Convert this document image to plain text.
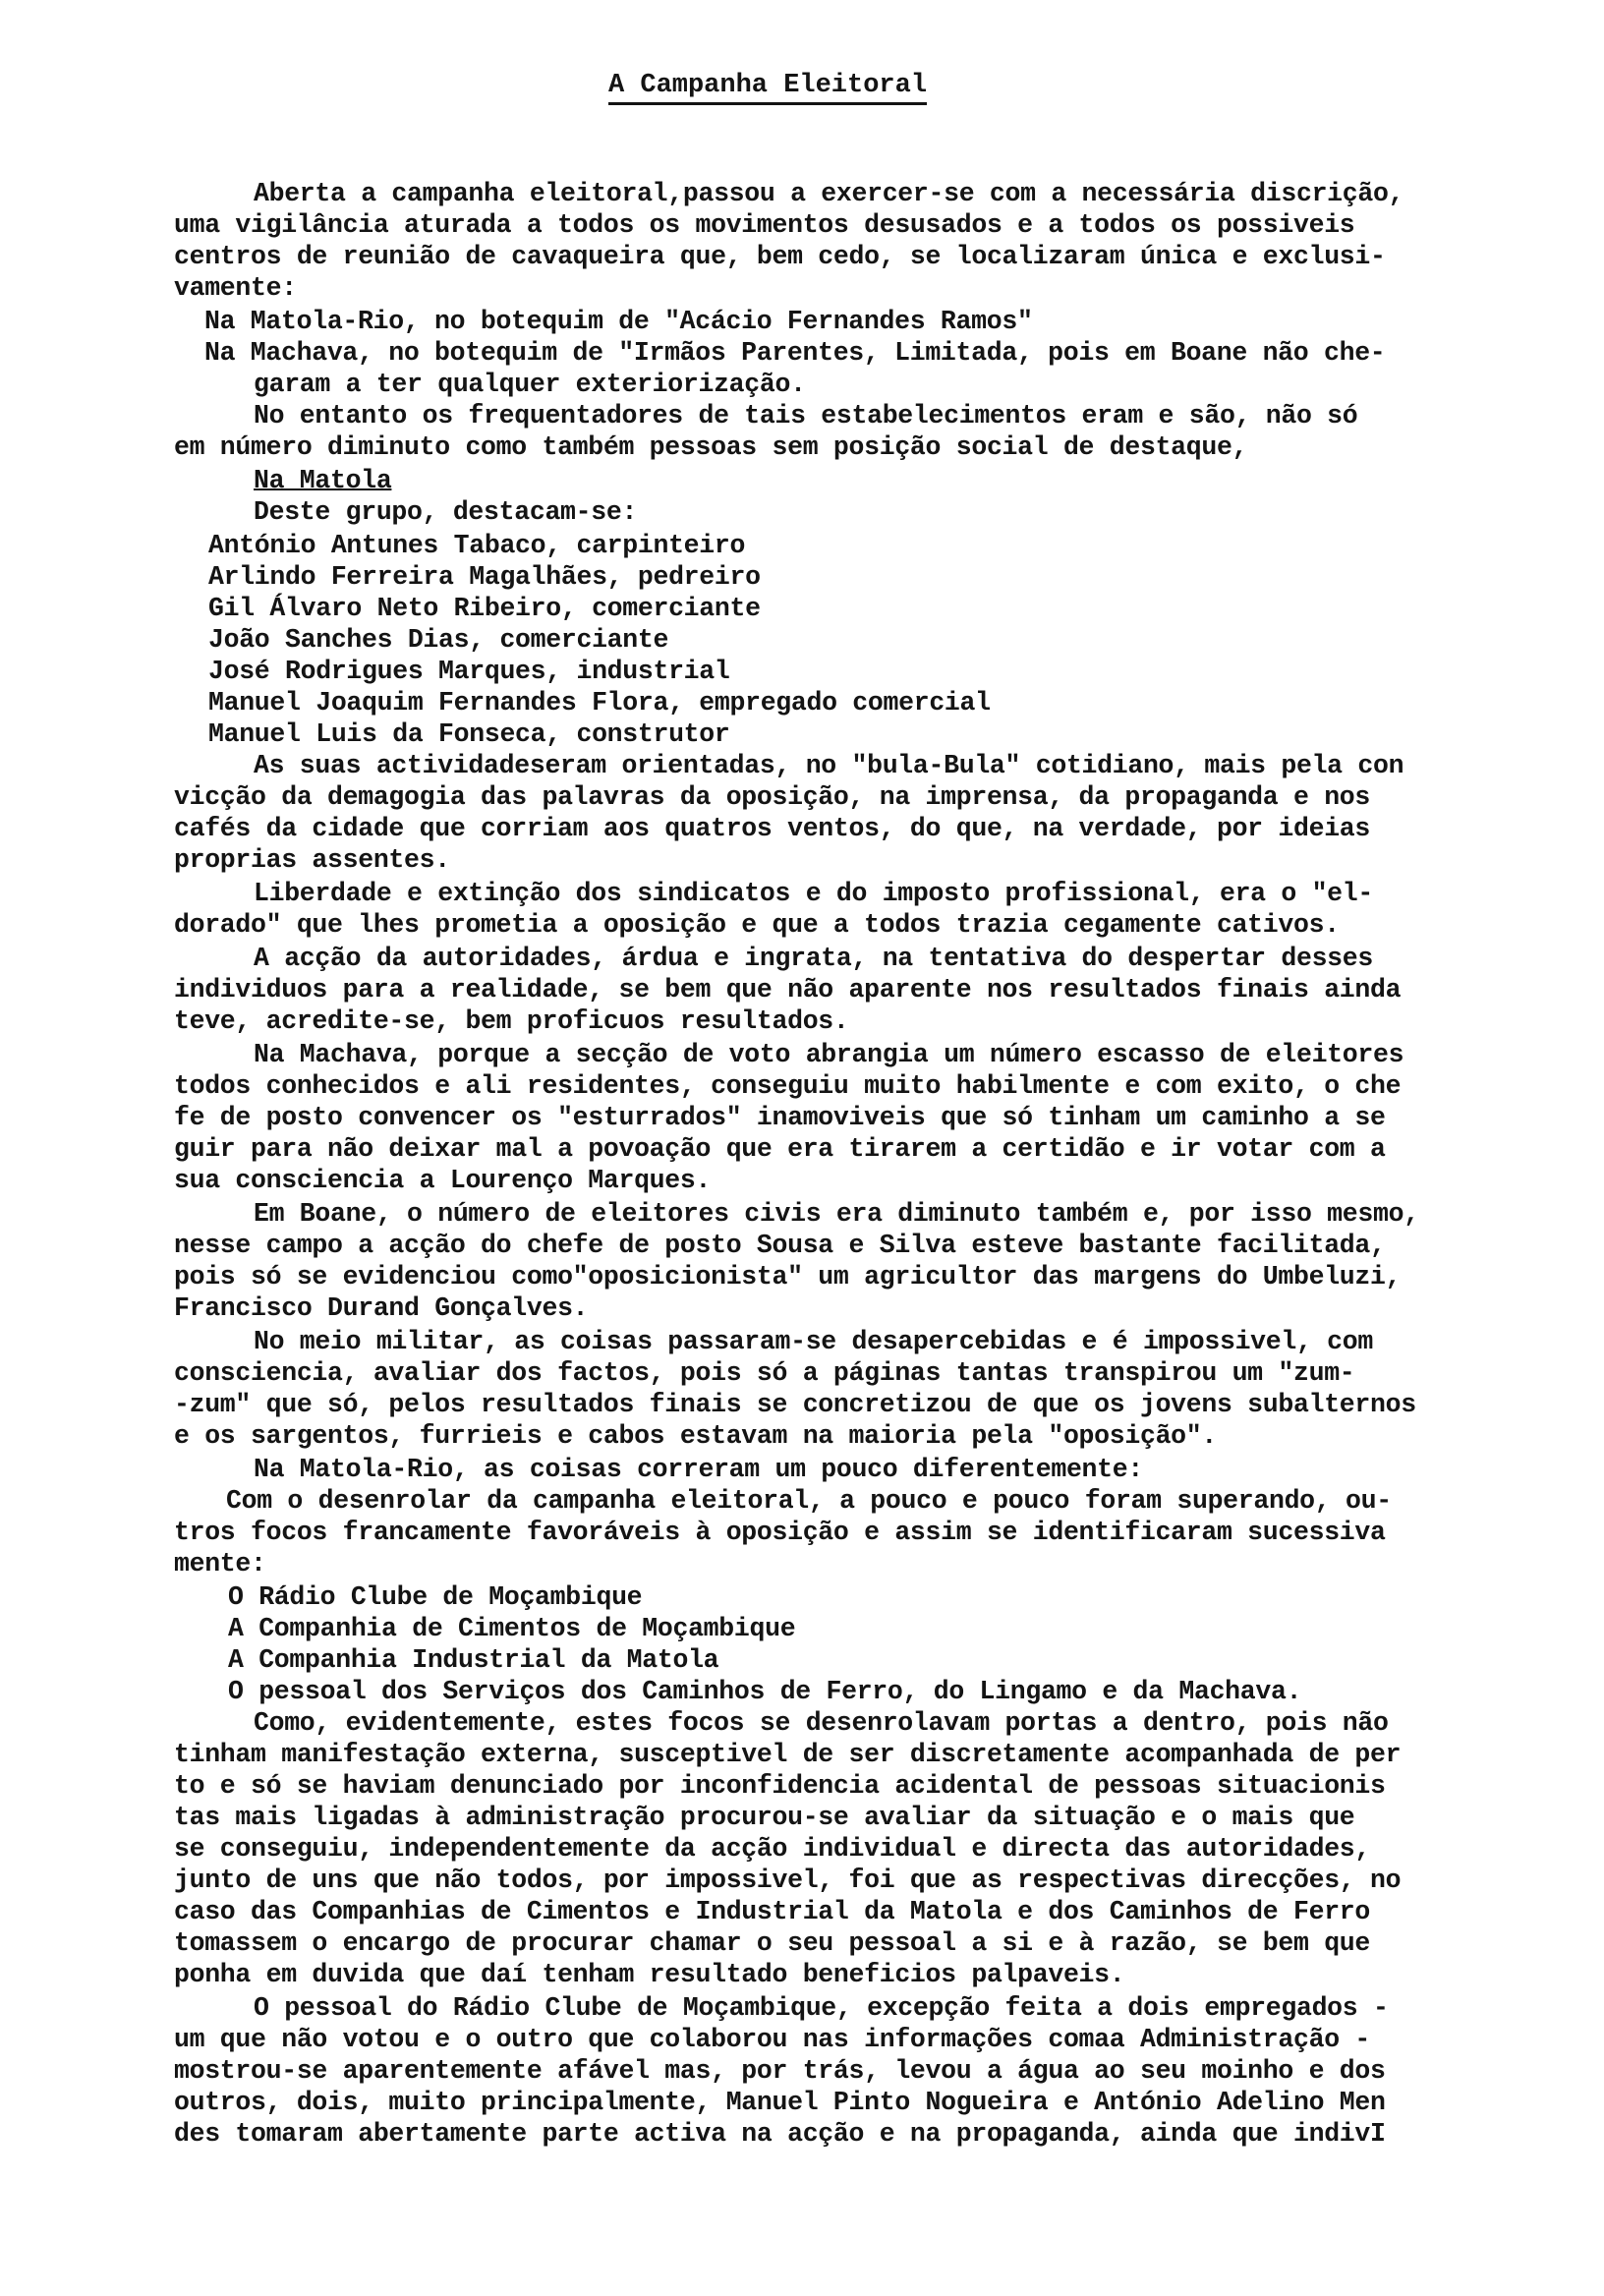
A Campanha Eleitoral
Aberta a campanha eleitoral,passou a exercer-se com a necessária discrição,
uma vigilância aturada a todos os movimentos desusados e a todos os possiveis
centros de reunião de cavaqueira que, bem cedo, se localizaram única e exclusi-
vamente:
Na Matola-Rio, no botequim de "Acácio Fernandes Ramos"
Na Machava, no botequim de "Irmãos Parentes, Limitada, pois em Boane não che-
garam a ter qualquer exteriorização.
No entanto os frequentadores de tais estabelecimentos eram e são, não só
em número diminuto como também pessoas sem posição social de destaque,
Na Matola
Deste grupo, destacam-se:
António Antunes Tabaco, carpinteiro
Arlindo Ferreira Magalhães, pedreiro
Gil Álvaro Neto Ribeiro, comerciante
João Sanches Dias, comerciante
José Rodrigues Marques, industrial
Manuel Joaquim Fernandes Flora, empregado comercial
Manuel Luis da Fonseca, construtor
As suas actividadeseram orientadas, no "bula-Bula" cotidiano, mais pela con
vicção da demagogia das palavras da oposição, na imprensa, da propaganda e nos
cafés da cidade que corriam aos quatros ventos, do que, na verdade, por ideias
proprias assentes.
Liberdade e extinção dos sindicatos e do imposto profissional, era o "el-
dorado" que lhes prometia a oposição e que a todos trazia cegamente cativos.
A acção da autoridades, árdua e ingrata, na tentativa do despertar desses
individuos para a realidade, se bem que não aparente nos resultados finais ainda
teve, acredite-se, bem proficuos resultados.
Na Machava, porque a secção de voto abrangia um número escasso de eleitores
todos conhecidos e ali residentes, conseguiu muito habilmente e com exito, o che
fe de posto convencer os "esturrados" inamoviveis que só tinham um caminho a se
guir para não deixar mal a povoação que era tirarem a certidão e ir votar com a
sua consciencia a Lourenço Marques.
Em Boane, o número de eleitores civis era diminuto também e, por isso mesmo,
nesse campo a acção do chefe de posto Sousa e Silva esteve bastante facilitada,
pois só se evidenciou como"oposicionista" um agricultor das margens do Umbeluzi,
Francisco Durand Gonçalves.
No meio militar, as coisas passaram-se desapercebidas e é impossivel, com
consciencia, avaliar dos factos, pois só a páginas tantas transpirou um "zum-
-zum" que só, pelos resultados finais se concretizou de que os jovens subalternos
e os sargentos, furrieis e cabos estavam na maioria pela "oposição".
Na Matola-Rio, as coisas correram um pouco diferentemente:
Com o desenrolar da campanha eleitoral, a pouco e pouco foram superando, ou-
tros focos francamente favoráveis à oposição e assim se identificaram sucessiva
mente:
O Rádio Clube de Moçambique
A Companhia de Cimentos de Moçambique
A Companhia Industrial da Matola
O pessoal dos Serviços dos Caminhos de Ferro, do Lingamo e da Machava.
Como, evidentemente, estes focos se desenrolavam portas a dentro, pois não
tinham manifestação externa, susceptivel de ser discretamente acompanhada de per
to e só se haviam denunciado por inconfidencia acidental de pessoas situacionis
tas mais ligadas à administração procurou-se avaliar da situação e o mais que
se conseguiu, independentemente da acção individual e directa das autoridades,
junto de uns que não todos, por impossivel, foi que as respectivas direcções, no
caso das Companhias de Cimentos e Industrial da Matola e dos Caminhos de Ferro
tomassem o encargo de procurar chamar o seu pessoal a si e à razão, se bem que
ponha em duvida que daí tenham resultado beneficios palpaveis.
O pessoal do Rádio Clube de Moçambique, excepção feita a dois empregados -
um que não votou e o outro que colaborou nas informações comaa Administração -
mostrou-se aparentemente afável mas, por trás, levou a água ao seu moinho e dos
outros, dois, muito principalmente, Manuel Pinto Nogueira e António Adelino Men
des tomaram abertamente parte activa na acção e na propaganda, ainda que indivI
